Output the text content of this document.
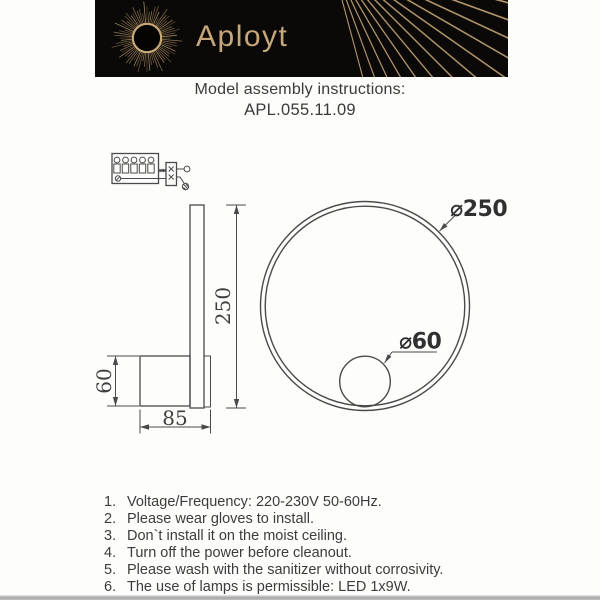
Aployt
Model assembly instructions:
APL.055.11.09
250
60
85
⌀250
⌀60
1. Voltage/Frequency: 220-230V 50-60Hz.
2. Please wear gloves to install.
3. Don`t install it on the moist ceiling.
4. Turn off the power before cleanout.
5. Please wash with the sanitizer without corrosivity.
6. The use of lamps is permissible: LED 1x9W.
